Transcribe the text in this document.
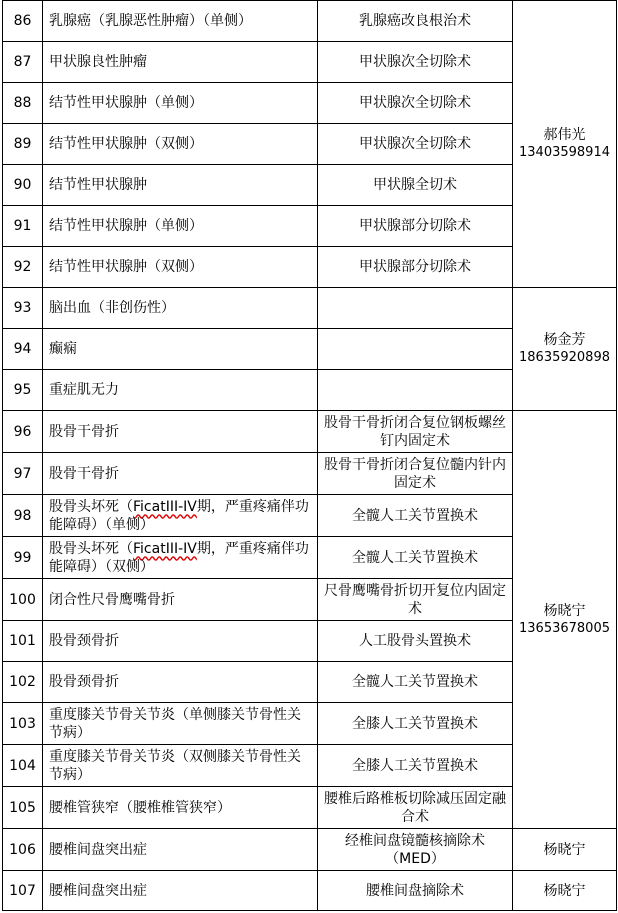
86	乳腺癌（乳腺恶性肿瘤）（单侧）	乳腺癌改良根治术	郝伟光
13403598914

87	甲状腺良性肿瘤	甲状腺次全切除术	
88	结节性甲状腺肿（单侧）	甲状腺次全切除术	
89	结节性甲状腺肿（双侧）	甲状腺次全切除术	
90	结节性甲状腺肿	甲状腺全切术	
91	结节性甲状腺肿（单侧）	甲状腺部分切除术	
92	结节性甲状腺肿（双侧）	甲状腺部分切除术	
93	脑出血（非创伤性）		杨金芳
18635920898

94	癫痫		
95	重症肌无力		
96	股骨干骨折	股骨干骨折闭合复位钢板螺丝钉内固定术	杨晓宁
13653678005

97	股骨干骨折	股骨干骨折闭合复位髓内针内固定术	
98	股骨头坏死（FicatIII-IV期，严重疼痛伴功能障碍）（单侧）	全髋人工关节置换术	
99	股骨头坏死（FicatIII-IV期，严重疼痛伴功能障碍）（双侧）	全髋人工关节置换术	
100	闭合性尺骨鹰嘴骨折	尺骨鹰嘴骨折切开复位内固定术	
101	股骨颈骨折	人工股骨头置换术	
102	股骨颈骨折	全髋人工关节置换术	
103	重度膝关节骨关节炎（单侧膝关节骨性关节病）	全膝人工关节置换术	
104	重度膝关节骨关节炎（双侧膝关节骨性关节病）	全膝人工关节置换术	
105	腰椎管狭窄（腰椎椎管狭窄）	腰椎后路椎板切除减压固定融合术	
106	腰椎间盘突出症	经椎间盘镜髓核摘除术（MED）	杨晓宁

107	腰椎间盘突出症	腰椎间盘摘除术	杨晓宁
